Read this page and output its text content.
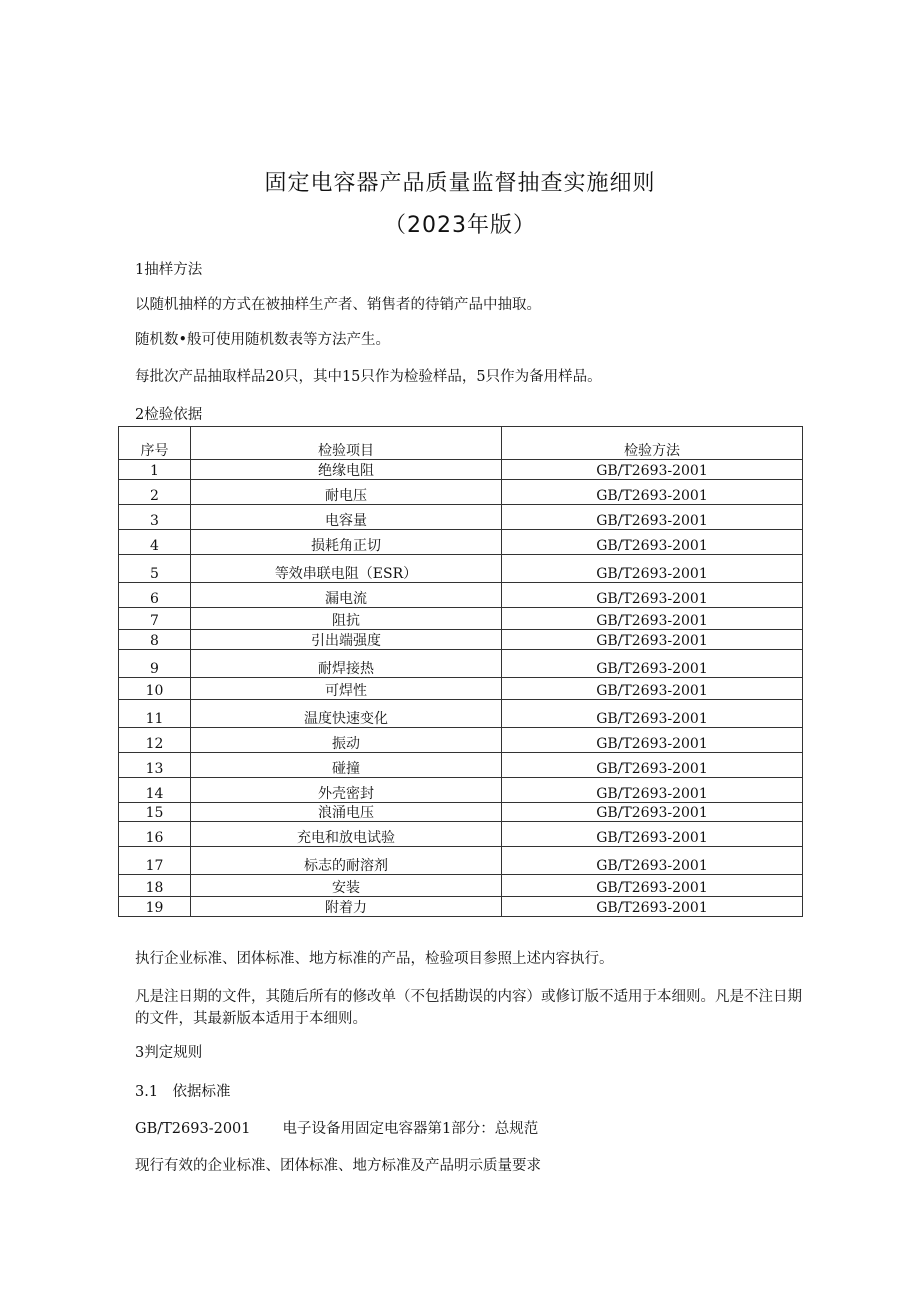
固定电容器产品质量监督抽查实施细则
（2023年版）

1抽样方法

以随机抽样的方式在被抽样生产者、销售者的待销产品中抽取。

随机数•般可使用随机数表等方法产生。

每批次产品抽取样品20只，其中15只作为检验样品，5只作为备用样品。

2检验依据

序号	检验项目	检验方法
1	绝缘电阻	GB/T2693-2001
2	耐电压	GB/T2693-2001
3	电容量	GB/T2693-2001
4	损耗角正切	GB/T2693-2001
5	等效串联电阻（ESR）	GB/T2693-2001
6	漏电流	GB/T2693-2001
7	阻抗	GB/T2693-2001
8	引出端强度	GB/T2693-2001
9	耐焊接热	GB/T2693-2001
10	可焊性	GB/T2693-2001
11	温度快速变化	GB/T2693-2001
12	振动	GB/T2693-2001
13	碰撞	GB/T2693-2001
14	外壳密封	GB/T2693-2001
15	浪涌电压	GB/T2693-2001
16	充电和放电试验	GB/T2693-2001
17	标志的耐溶剂	GB/T2693-2001
18	安装	GB/T2693-2001
19	附着力	GB/T2693-2001

执行企业标准、团体标准、地方标准的产品，检验项目参照上述内容执行。

凡是注日期的文件，其随后所有的修改单（不包括勘误的内容）或修订版不适用于本细则。凡是不注日期的文件，其最新版本适用于本细则。

3判定规则

3.1　依据标准

GB/T2693-2001 电子设备用固定电容器第1部分：总规范

现行有效的企业标准、团体标准、地方标准及产品明示质量要求
